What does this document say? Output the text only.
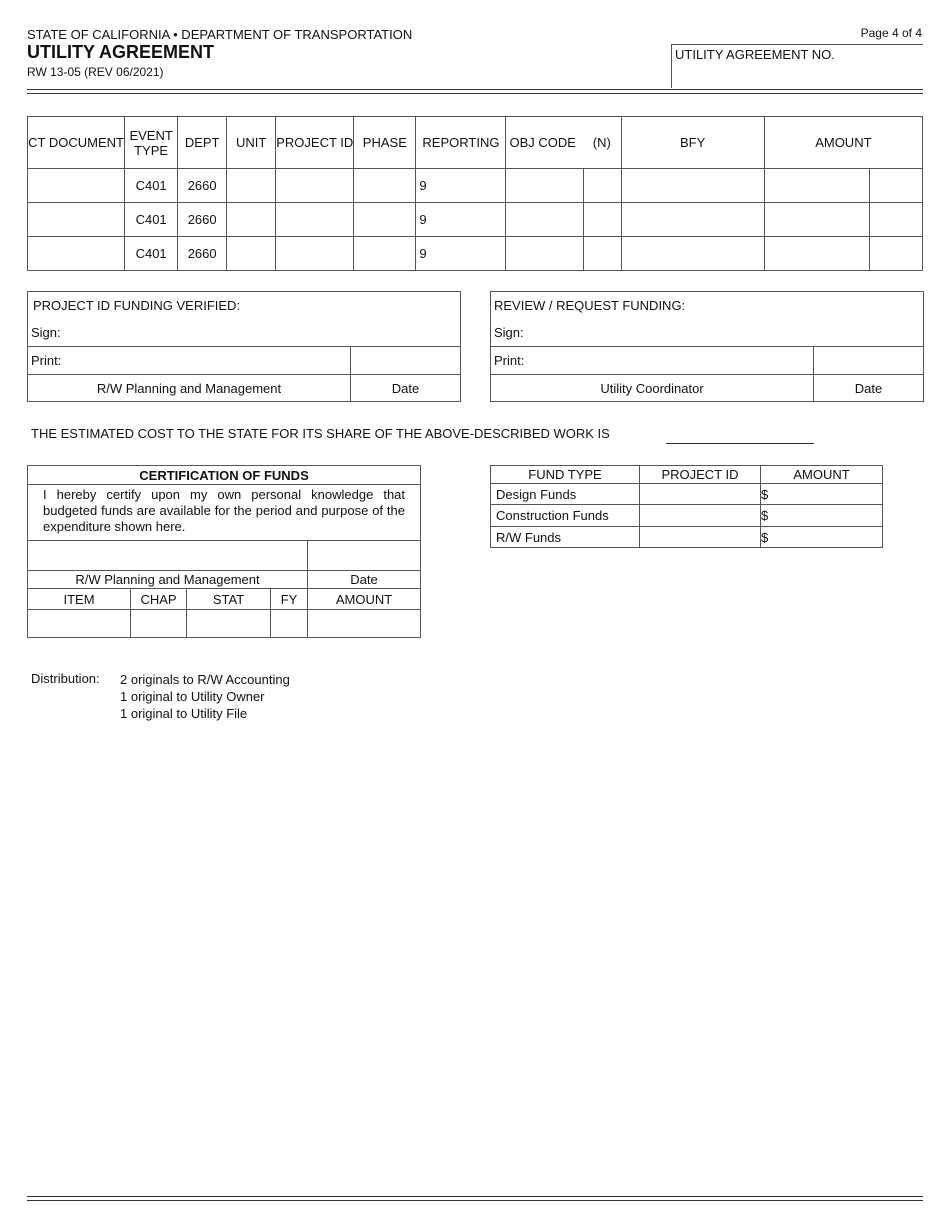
STATE OF CALIFORNIA • DEPARTMENT OF TRANSPORTATION
UTILITY AGREEMENT
RW 13-05 (REV 06/2021)
Page 4 of 4
UTILITY AGREEMENT NO.
CT DOCUMENT	EVENT TYPE	DEPT	UNIT	PROJECT ID	PHASE	REPORTING	OBJ CODE	(N)	BFY	AMOUNT	
	C401	2660				9					
	C401	2660				9					
	C401	2660				9					
PROJECT ID FUNDING VERIFIED:	
Sign:	
Print:	
R/W Planning and Management	Date
REVIEW / REQUEST FUNDING:	
Sign:	
Print:	
Utility Coordinator	Date
THE ESTIMATED COST TO THE STATE FOR ITS SHARE OF THE ABOVE-DESCRIBED WORK IS
CERTIFICATION OF FUNDS				
I hereby certify upon my own personal knowledge that budgeted funds are available for the period and purpose of the expenditure shown here.				

R/W Planning and Management				Date
ITEM	CHAP	STAT	FY	AMOUNT

FUND TYPE	PROJECT ID	AMOUNT
Design Funds		$
Construction Funds		$
R/W Funds		$
Distribution: 2 originals to R/W Accounting
1 original to Utility Owner
1 original to Utility File
